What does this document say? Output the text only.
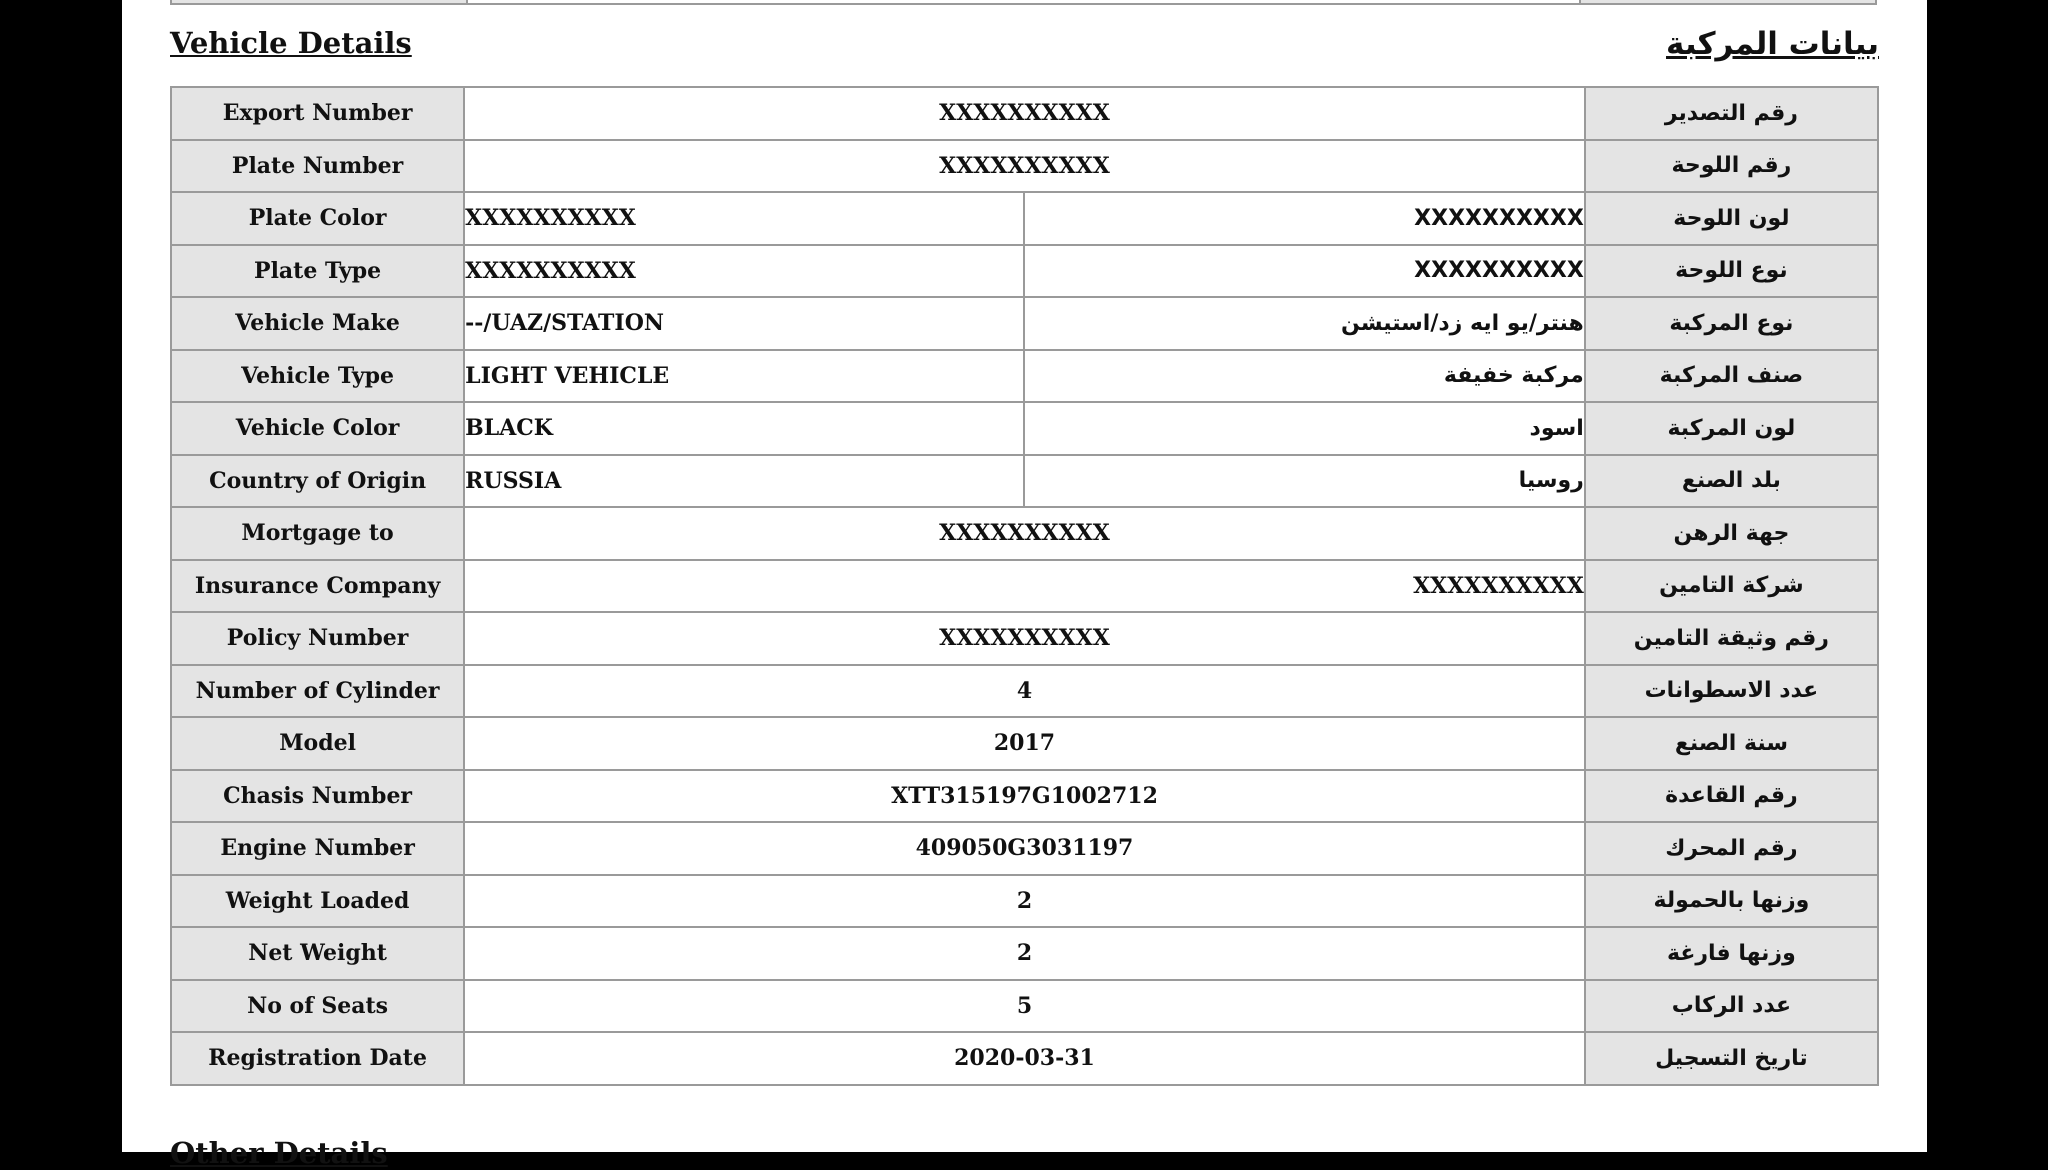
Vehicle Details	بيانات المركبة
Export Number	XXXXXXXXXX		رقم التصدير
Plate Number	XXXXXXXXXX		رقم اللوحة
Plate Color	XXXXXXXXXX	XXXXXXXXXX	لون اللوحة
Plate Type	XXXXXXXXXX	XXXXXXXXXX	نوع اللوحة
Vehicle Make	--/UAZ/STATION	هنتر/يو ايه زد/استيشن	نوع المركبة
Vehicle Type	LIGHT VEHICLE	مركبة خفيفة	صنف المركبة
Vehicle Color	BLACK	اسود	لون المركبة
Country of Origin	RUSSIA	روسيا	بلد الصنع
Mortgage to	XXXXXXXXXX		جهة الرهن
Insurance Company	XXXXXXXXXX		شركة التامين
Policy Number	XXXXXXXXXX		رقم وثيقة التامين
Number of Cylinder	4		عدد الاسطوانات
Model	2017		سنة الصنع
Chasis Number	XTT315197G1002712		رقم القاعدة
Engine Number	409050G3031197		رقم المحرك
Weight Loaded	2		وزنها بالحمولة
Net Weight	2		وزنها فارغة
No of Seats	5		عدد الركاب
Registration Date	2020-03-31		تاريخ التسجيل
Other Details
